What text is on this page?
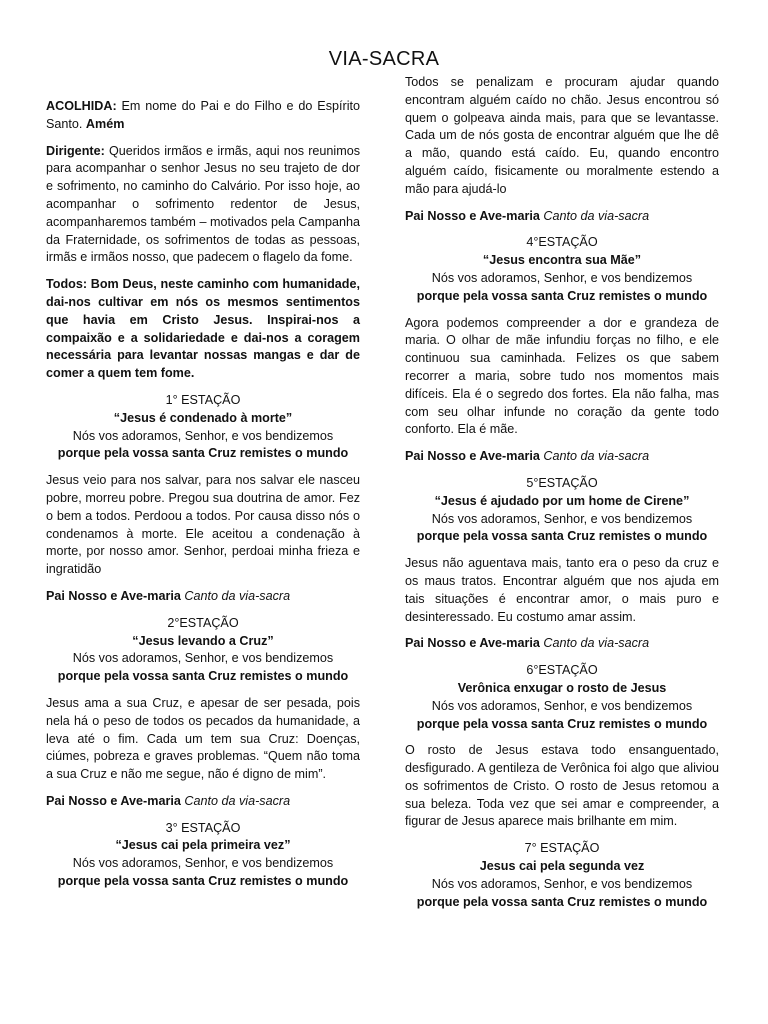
VIA-SACRA

ACOLHIDA: Em nome do Pai e do Filho e do Espírito Santo. Amém

Dirigente: Queridos irmãos e irmãs, aqui nos reunimos para acompanhar o senhor Jesus no seu trajeto de dor e sofrimento, no caminho do Calvário. Por isso hoje, ao acompanhar o sofrimento redentor de Jesus, acompanharemos também – motivados pela Campanha da Fraternidade, os sofrimentos de todas as pessoas, irmãs e irmãos nosso, que padecem o flagelo da fome.

Todos: Bom Deus, neste caminho com humanidade, dai-nos cultivar em nós os mesmos sentimentos que havia em Cristo Jesus. Inspirai-nos a compaixão e a solidariedade e dai-nos a coragem necessária para levantar nossas mangas e dar de comer a quem tem fome.

1° ESTAÇÃO
“Jesus é condenado à morte”
Nós vos adoramos, Senhor, e vos bendizemos
porque pela vossa santa Cruz remistes o mundo

Jesus veio para nos salvar, para nos salvar ele nasceu pobre, morreu pobre. Pregou sua doutrina de amor. Fez o bem a todos. Perdoou a todos. Por causa disso nós o condenamos à morte. Ele aceitou a condenação à morte, por nosso amor. Senhor, perdoai minha frieza e ingratidão

Pai Nosso e Ave-maria Canto da via-sacra
2°ESTAÇÃO
“Jesus levando a Cruz”
Nós vos adoramos, Senhor, e vos bendizemos
porque pela vossa santa Cruz remistes o mundo

Jesus ama a sua Cruz, e apesar de ser pesada, pois nela há o peso de todos os pecados da humanidade, a leva até o fim. Cada um tem sua Cruz: Doenças, ciúmes, pobreza e graves problemas. “Quem não toma a sua Cruz e não me segue, não é digno de mim”.

Pai Nosso e Ave-maria Canto da via-sacra
3° ESTAÇÃO
“Jesus cai pela primeira vez”
Nós vos adoramos, Senhor, e vos bendizemos
porque pela vossa santa Cruz remistes o mundo

Todos se penalizam e procuram ajudar quando encontram alguém caído no chão. Jesus encontrou só quem o golpeava ainda mais, para que se levantasse. Cada um de nós gosta de encontrar alguém que lhe dê a mão, quando está caído. Eu, quando encontro alguém caído, fisicamente ou moralmente estendo a mão para ajudá-lo

Pai Nosso e Ave-maria Canto da via-sacra
4°ESTAÇÃO
“Jesus encontra sua Mãe”
Nós vos adoramos, Senhor, e vos bendizemos
porque pela vossa santa Cruz remistes o mundo

Agora podemos compreender a dor e grandeza de maria. O olhar de mãe infundiu forças no filho, e ele continuou sua caminhada. Felizes os que sabem recorrer a maria, sobre tudo nos momentos mais difíceis. Ela é o segredo dos fortes. Ela não falha, mas com seu olhar infunde no coração da gente todo conforto. Ela é mãe.

Pai Nosso e Ave-maria Canto da via-sacra
5°ESTAÇÃO
“Jesus é ajudado por um home de Cirene”
Nós vos adoramos, Senhor, e vos bendizemos
porque pela vossa santa Cruz remistes o mundo

Jesus não aguentava mais, tanto era o peso da cruz e os maus tratos. Encontrar alguém que nos ajuda em tais situações é encontrar amor, o mais puro e desinteressado. Eu costumo amar assim.

Pai Nosso e Ave-maria Canto da via-sacra
6°ESTAÇÃO
Verônica enxugar o rosto de Jesus
Nós vos adoramos, Senhor, e vos bendizemos
porque pela vossa santa Cruz remistes o mundo

O rosto de Jesus estava todo ensanguentado, desfigurado. A gentileza de Verônica foi algo que aliviou os sofrimentos de Cristo. O rosto de Jesus retomou a sua beleza. Toda vez que sei amar e compreender, a figurar de Jesus aparece mais brilhante em mim.

7° ESTAÇÃO
Jesus cai pela segunda vez
Nós vos adoramos, Senhor, e vos bendizemos
porque pela vossa santa Cruz remistes o mundo
